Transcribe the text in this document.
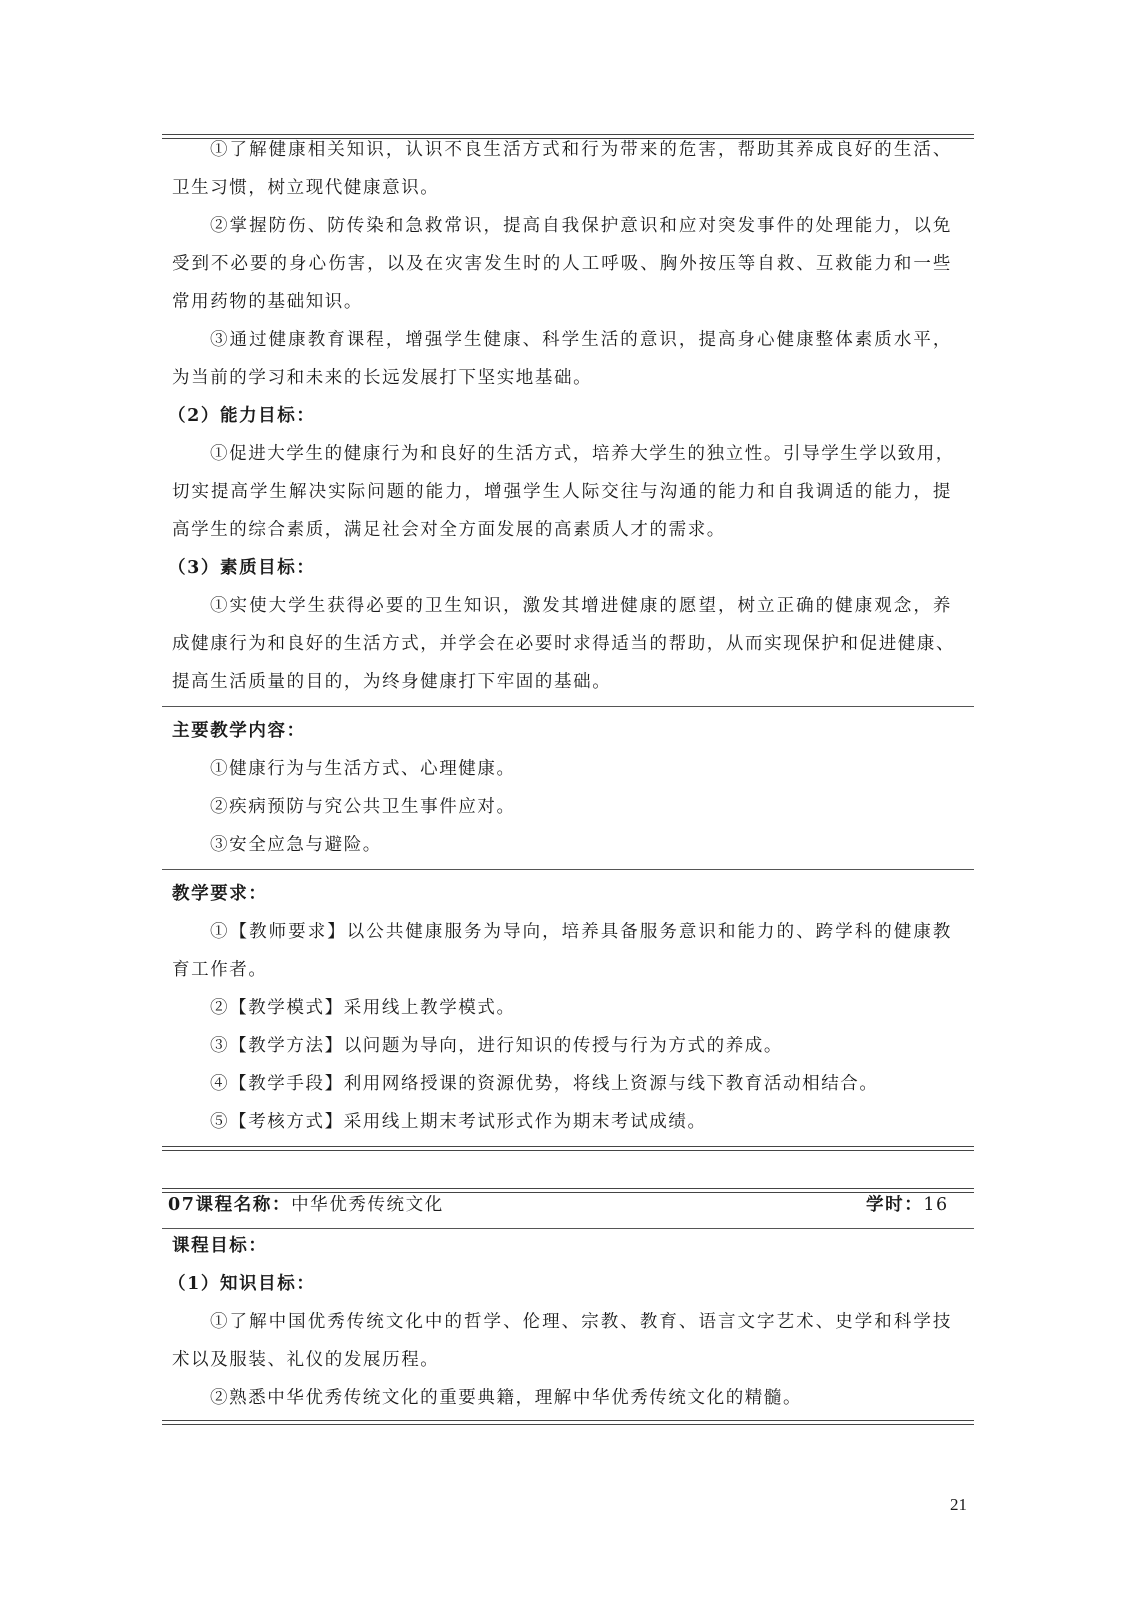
①了解健康相关知识，认识不良生活方式和行为带来的危害，帮助其养成良好的生活、
卫生习惯，树立现代健康意识。
②掌握防伤、防传染和急救常识，提高自我保护意识和应对突发事件的处理能力，以免
受到不必要的身心伤害，以及在灾害发生时的人工呼吸、胸外按压等自救、互救能力和一些
常用药物的基础知识。
③通过健康教育课程，增强学生健康、科学生活的意识，提高身心健康整体素质水平，
为当前的学习和未来的长远发展打下坚实地基础。
（2）能力目标：
①促进大学生的健康行为和良好的生活方式，培养大学生的独立性。引导学生学以致用，
切实提高学生解决实际问题的能力，增强学生人际交往与沟通的能力和自我调适的能力，提
高学生的综合素质，满足社会对全方面发展的高素质人才的需求。
（3）素质目标：
①实使大学生获得必要的卫生知识，激发其增进健康的愿望，树立正确的健康观念，养
成健康行为和良好的生活方式，并学会在必要时求得适当的帮助，从而实现保护和促进健康、
提高生活质量的目的，为终身健康打下牢固的基础。
主要教学内容：
①健康行为与生活方式、心理健康。
②疾病预防与究公共卫生事件应对。
③安全应急与避险。
教学要求：
①【教师要求】以公共健康服务为导向，培养具备服务意识和能力的、跨学科的健康教
育工作者。
②【教学模式】采用线上教学模式。
③【教学方法】以问题为导向，进行知识的传授与行为方式的养成。
④【教学手段】利用网络授课的资源优势，将线上资源与线下教育活动相结合。
⑤【考核方式】采用线上期末考试形式作为期末考试成绩。
07课程名称：中华优秀传统文化	学时：16
课程目标：
（1）知识目标：
①了解中国优秀传统文化中的哲学、伦理、宗教、教育、语言文字艺术、史学和科学技
术以及服装、礼仪的发展历程。
②熟悉中华优秀传统文化的重要典籍，理解中华优秀传统文化的精髓。
21
